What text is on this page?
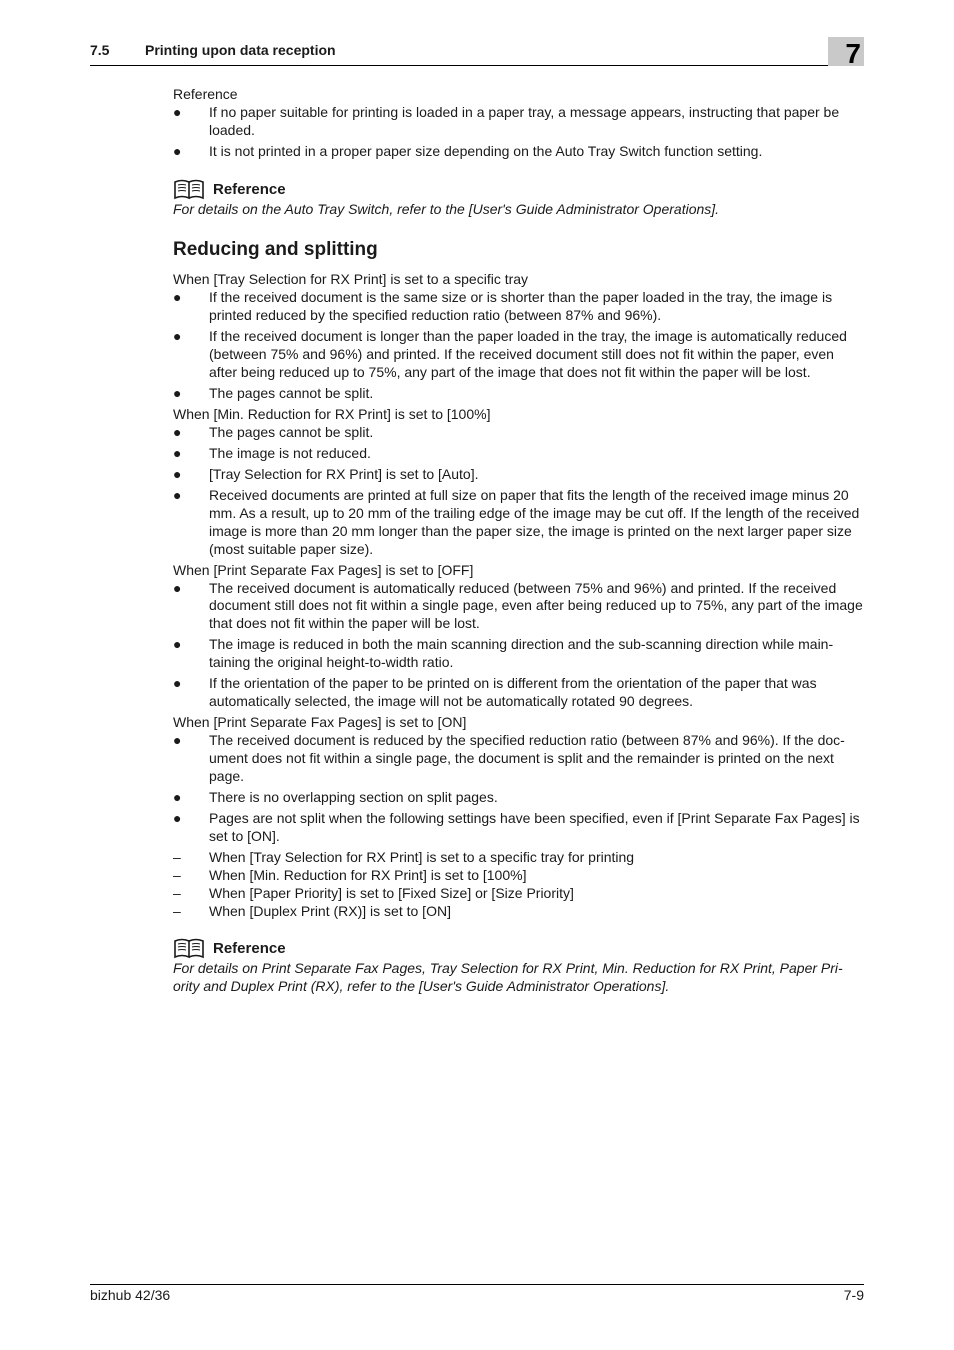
7.5	Printing upon data reception	7

Reference

● If no paper suitable for printing is loaded in a paper tray, a message appears, instructing that paper be loaded.
● It is not printed in a proper paper size depending on the Auto Tray Switch function setting.
Reference

For details on the Auto Tray Switch, refer to the [User's Guide Administrator Operations].

Reducing and splitting

When [Tray Selection for RX Print] is set to a specific tray

● If the received document is the same size or is shorter than the paper loaded in the tray, the image is printed reduced by the specified reduction ratio (between 87% and 96%).
● If the received document is longer than the paper loaded in the tray, the image is automatically reduced (between 75% and 96%) and printed. If the received document still does not fit within the paper, even after being reduced up to 75%, any part of the image that does not fit within the paper will be lost.
● The pages cannot be split.

When [Min. Reduction for RX Print] is set to [100%]

● The pages cannot be split.
● The image is not reduced.
● [Tray Selection for RX Print] is set to [Auto].
● Received documents are printed at full size on paper that fits the length of the received image minus 20 mm. As a result, up to 20 mm of the trailing edge of the image may be cut off. If the length of the received image is more than 20 mm longer than the paper size, the image is printed on the next larger paper size (most suitable paper size).

When [Print Separate Fax Pages] is set to [OFF]

● The received document is automatically reduced (between 75% and 96%) and printed. If the received document still does not fit within a single page, even after being reduced up to 75%, any part of the image that does not fit within the paper will be lost.
● The image is reduced in both the main scanning direction and the sub-scanning direction while main-taining the original height-to-width ratio.
● If the orientation of the paper to be printed on is different from the orientation of the paper that was automatically selected, the image will not be automatically rotated 90 degrees.

When [Print Separate Fax Pages] is set to [ON]

● The received document is reduced by the specified reduction ratio (between 87% and 96%). If the doc-ument does not fit within a single page, the document is split and the remainder is printed on the next page.
● There is no overlapping section on split pages.
● Pages are not split when the following settings have been specified, even if [Print Separate Fax Pages] is set to [ON].
– When [Tray Selection for RX Print] is set to a specific tray for printing
– When [Min. Reduction for RX Print] is set to [100%]
– When [Paper Priority] is set to [Fixed Size] or [Size Priority]
– When [Duplex Print (RX)] is set to [ON]
Reference

For details on Print Separate Fax Pages, Tray Selection for RX Print, Min. Reduction for RX Print, Paper Pri-ority and Duplex Print (RX), refer to the [User's Guide Administrator Operations].

bizhub 42/36	7-9
